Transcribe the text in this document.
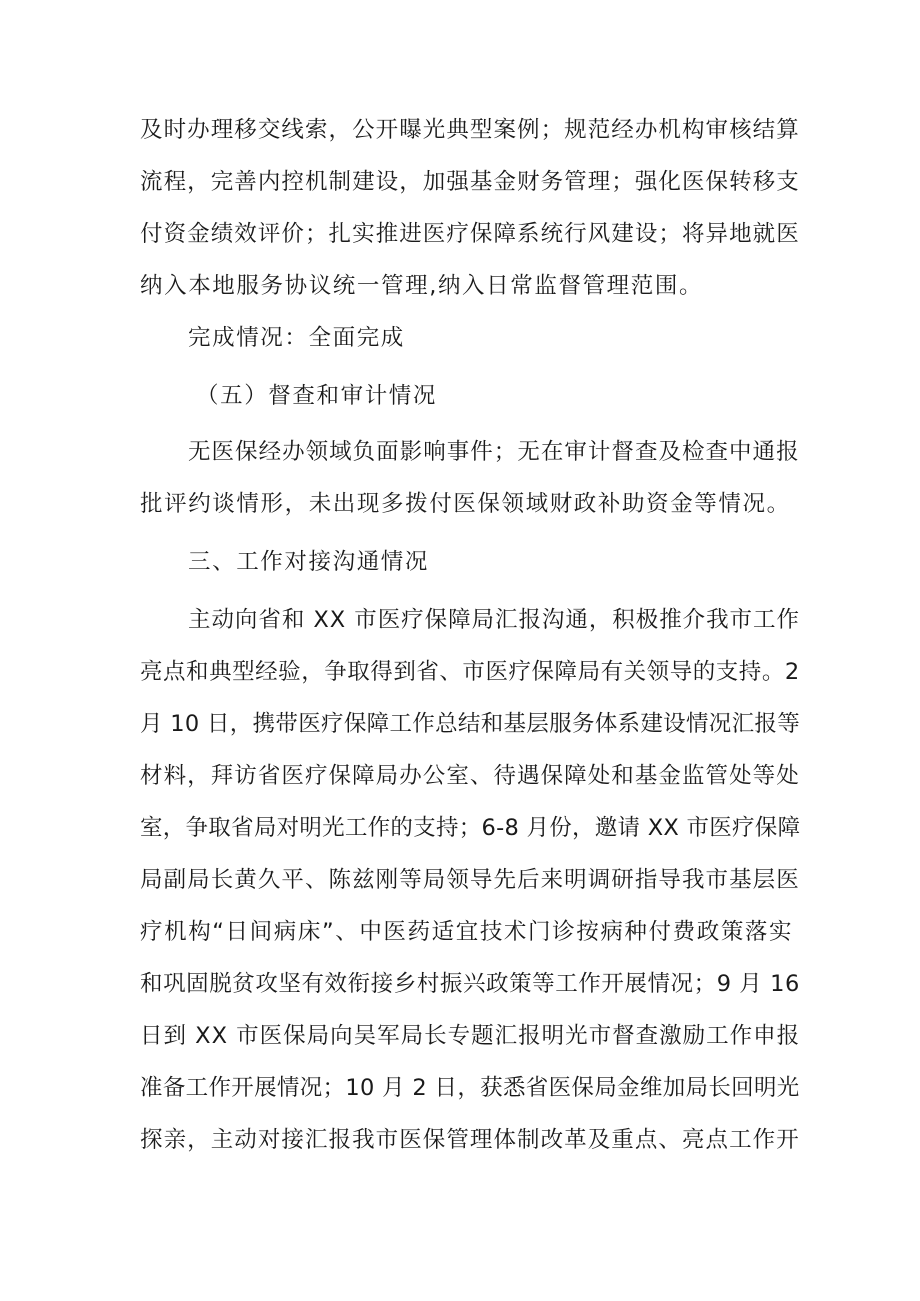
及时办理移交线索，公开曝光典型案例；规范经办机构审核结算
流程，完善内控机制建设，加强基金财务管理；强化医保转移支
付资金绩效评价；扎实推进医疗保障系统行风建设；将异地就医
纳入本地服务协议统一管理,纳入日常监督管理范围。
完成情况：全面完成
（五）督查和审计情况
无医保经办领域负面影响事件；无在审计督查及检查中通报
批评约谈情形，未出现多拨付医保领域财政补助资金等情况。
三、工作对接沟通情况
主动向省和 XX 市医疗保障局汇报沟通，积极推介我市工作
亮点和典型经验，争取得到省、市医疗保障局有关领导的支持。2
月 10 日，携带医疗保障工作总结和基层服务体系建设情况汇报等
材料，拜访省医疗保障局办公室、待遇保障处和基金监管处等处
室，争取省局对明光工作的支持；6-8 月份，邀请 XX 市医疗保障
局副局长黄久平、陈兹刚等局领导先后来明调研指导我市基层医
疗机构“日间病床”、中医药适宜技术门诊按病种付费政策落实
和巩固脱贫攻坚有效衔接乡村振兴政策等工作开展情况；9 月 16
日到 XX 市医保局向吴军局长专题汇报明光市督查激励工作申报
准备工作开展情况；10 月 2 日，获悉省医保局金维加局长回明光
探亲，主动对接汇报我市医保管理体制改革及重点、亮点工作开
